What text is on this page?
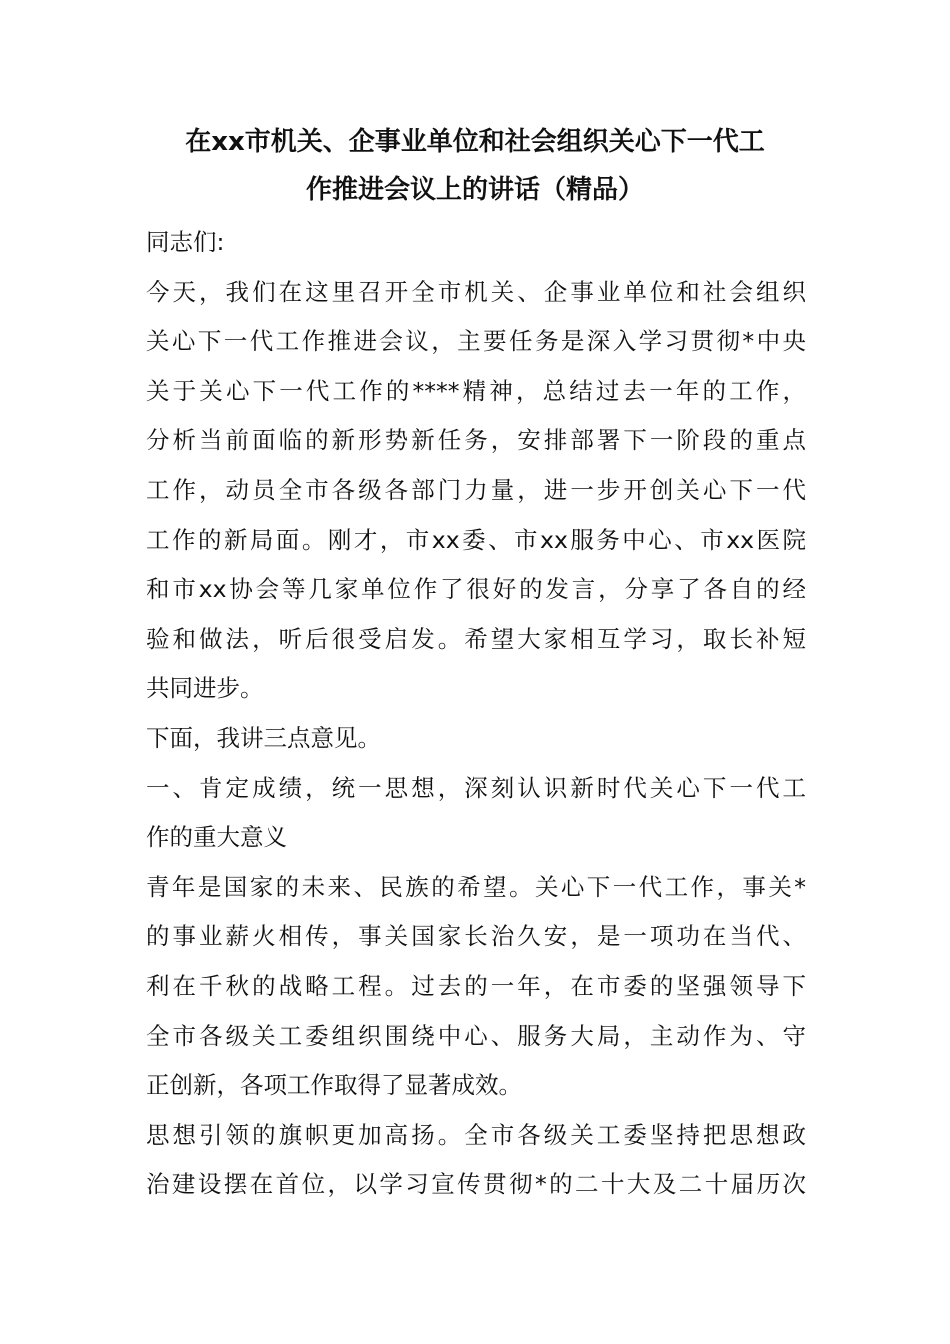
在xx市机关、企事业单位和社会组织关心下一代工
作推进会议上的讲话（精品）
同志们:
今天，我们在这里召开全市机关、企事业单位和社会组织
关心下一代工作推进会议，主要任务是深入学习贯彻*中央
关于关心下一代工作的****精神，总结过去一年的工作，
分析当前面临的新形势新任务，安排部署下一阶段的重点
工作，动员全市各级各部门力量，进一步开创关心下一代
工作的新局面。刚才，市xx委、市xx服务中心、市xx医院
和市xx协会等几家单位作了很好的发言，分享了各自的经
验和做法，听后很受启发。希望大家相互学习，取长补短
共同进步。
下面，我讲三点意见。
一、肯定成绩，统一思想，深刻认识新时代关心下一代工
作的重大意义
青年是国家的未来、民族的希望。关心下一代工作，事关*
的事业薪火相传，事关国家长治久安，是一项功在当代、
利在千秋的战略工程。过去的一年，在市委的坚强领导下
全市各级关工委组织围绕中心、服务大局，主动作为、守
正创新，各项工作取得了显著成效。
思想引领的旗帜更加高扬。全市各级关工委坚持把思想政
治建设摆在首位，以学习宣传贯彻*的二十大及二十届历次
